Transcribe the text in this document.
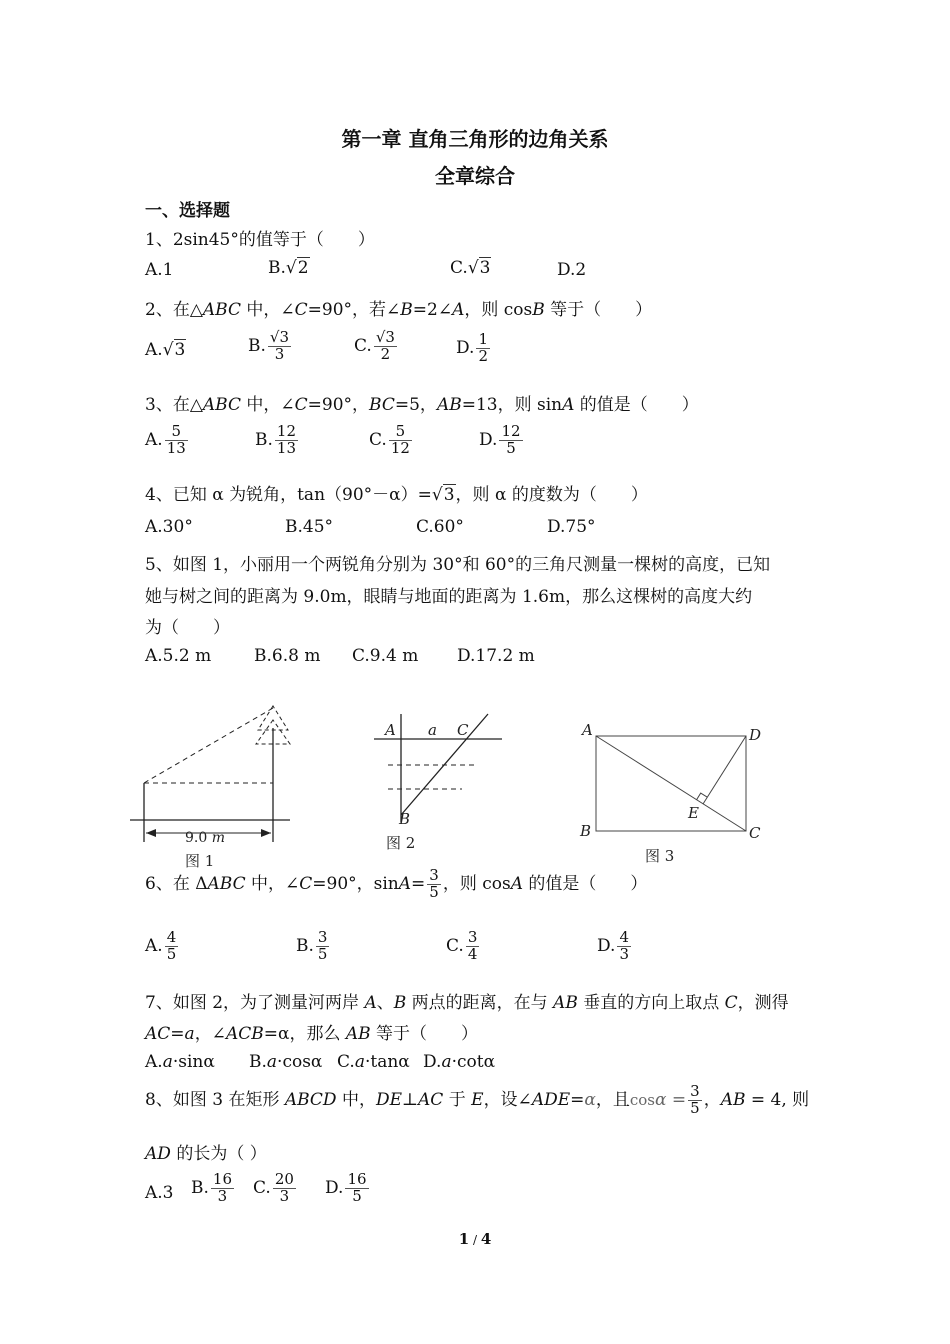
第一章 直角三角形的边角关系
全章综合
一、选择题
1、2sin45°的值等于（　　）
A.1	B.√2	C.√3	D.2
2、在△ABC 中，∠C=90°，若∠B=2∠A，则 cosB 等于（　　）
A.√3	B. $\frac{√3}{3}$	C. $\frac{√3}{2}$	D. $\frac{1}{2}$
3、在△ABC 中，∠C=90°，BC=5，AB=13，则 sinA 的值是（　　）
A. $\frac{5}{13}$	B. $\frac{12}{13}$	C. $\frac{5}{12}$	D. $\frac{12}{5}$
4、已知 α 为锐角，tan（90°－α）=√3，则 α 的度数为（　　）
A.30°	B.45°	C.60°	D.75°
5、如图 1，小丽用一个两锐角分别为 30°和 60°的三角尺测量一棵树的高度，已知
她与树之间的距离为 9.0m，眼睛与地面的距离为 1.6m，那么这棵树的高度大约
为（　　）
A.5.2 m	B.6.8 m C.9.4 m D.17.2 m
9.0 m
图 1
A a C
B
图 2
A	D
E
B	C
图 3
6、在 ΔABC 中，∠C=90°，$\sin A= \frac{3}{5}$ ，则 cosA 的值是（　　）
A. $\frac{4}{5}$	B. $\frac{3}{5}$	C. $\frac{3}{4}$	D. $\frac{4}{3}$
7、如图 2，为了测量河两岸 A、B 两点的距离，在与 AB 垂直的方向上取点 C，测得
AC=a，∠ACB=α，那么 AB 等于（　　）
A.a·sinα B.a·cosα C.a·tanα D.a·cotα
8、如图 3 在矩形 ABCD 中，DE⊥AC 于 E，设∠ADE=α，且$\cos\alpha = \frac{3}{5}$ ，AB = 4, 则
AD 的长为（ ）
A.3 B. $\frac{16}{3} C$. $\frac{20}{3} D$. $\frac{16}{5}$
1 / 4
